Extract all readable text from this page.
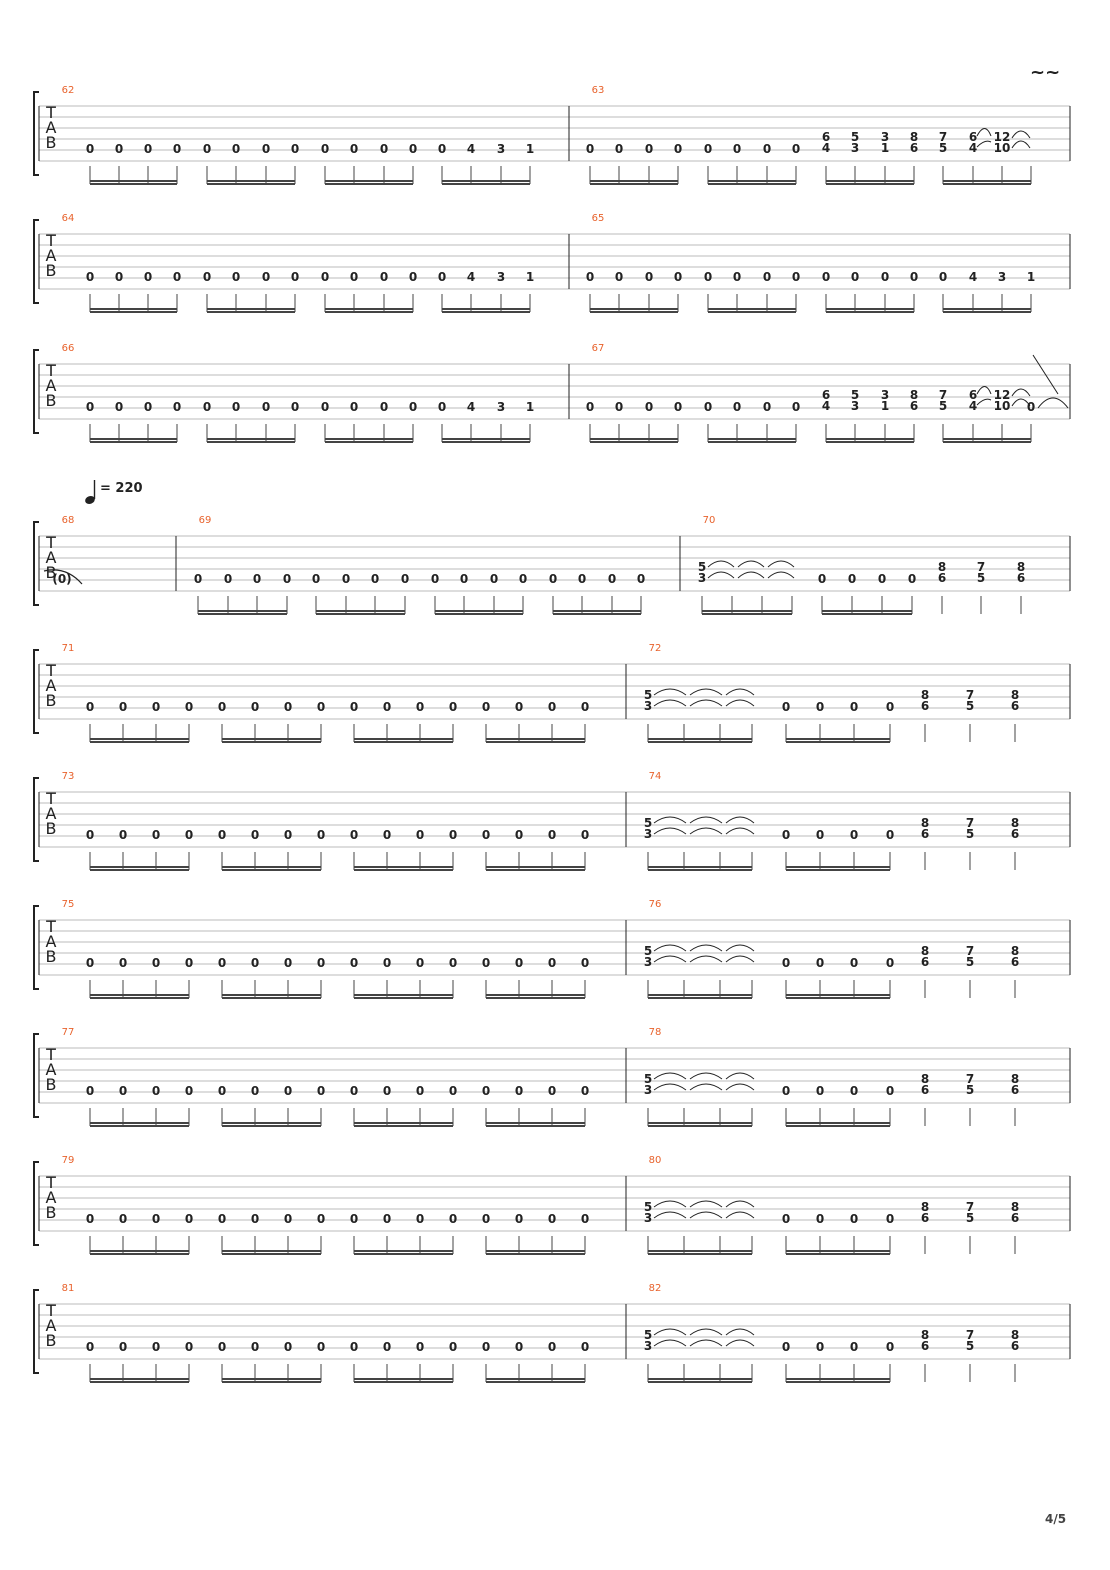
~~
= 220
4/5
T
A
B
62
0 0 0 0 0 0 0 0 0 0 0 0 0 4 3 1
63
0 0 0 0 0 0 0 0
6
4
5
3
3
1
8
6
7
5
6
4
12
10
T
A
B
64
0 0 0 0 0 0 0 0 0 0 0 0 0 4 3 1
65
0 0 0 0 0 0 0 0 0 0 0 0 0 4 3 1
T
A
B
66
0 0 0 0 0 0 0 0 0 0 0 0 0 4 3 1
67
0 0 0 0 0 0 0 0
6
4
5
3
3
1
8
6
7
5
6
4
12
10 0
T
A
B
68
(0)
69
0 0 0 0 0 0 0 0 0 0 0 0 0 0 0 0
70
5
3	0 0 0 0
8
6
7
5
8
6
T
A
B
71
0 0 0 0 0 0 0 0 0 0 0 0 0 0 0 0
72
5
3	0 0 0 0
8
6
7
5
8
6
T
A
B
73
0 0 0 0 0 0 0 0 0 0 0 0 0 0 0 0
74
5
3	0 0 0 0
8
6
7
5
8
6
T
A
B
75
0 0 0 0 0 0 0 0 0 0 0 0 0 0 0 0
76
5
3	0 0 0 0
8
6
7
5
8
6
T
A
B
77
0 0 0 0 0 0 0 0 0 0 0 0 0 0 0 0
78
5
3	0 0 0 0
8
6
7
5
8
6
T
A
B
79
0 0 0 0 0 0 0 0 0 0 0 0 0 0 0 0
80
5
3	0 0 0 0
8
6
7
5
8
6
T
A
B
81
0 0 0 0 0 0 0 0 0 0 0 0 0 0 0 0
82
5
3	0 0 0 0
8
6
7
5
8
6
